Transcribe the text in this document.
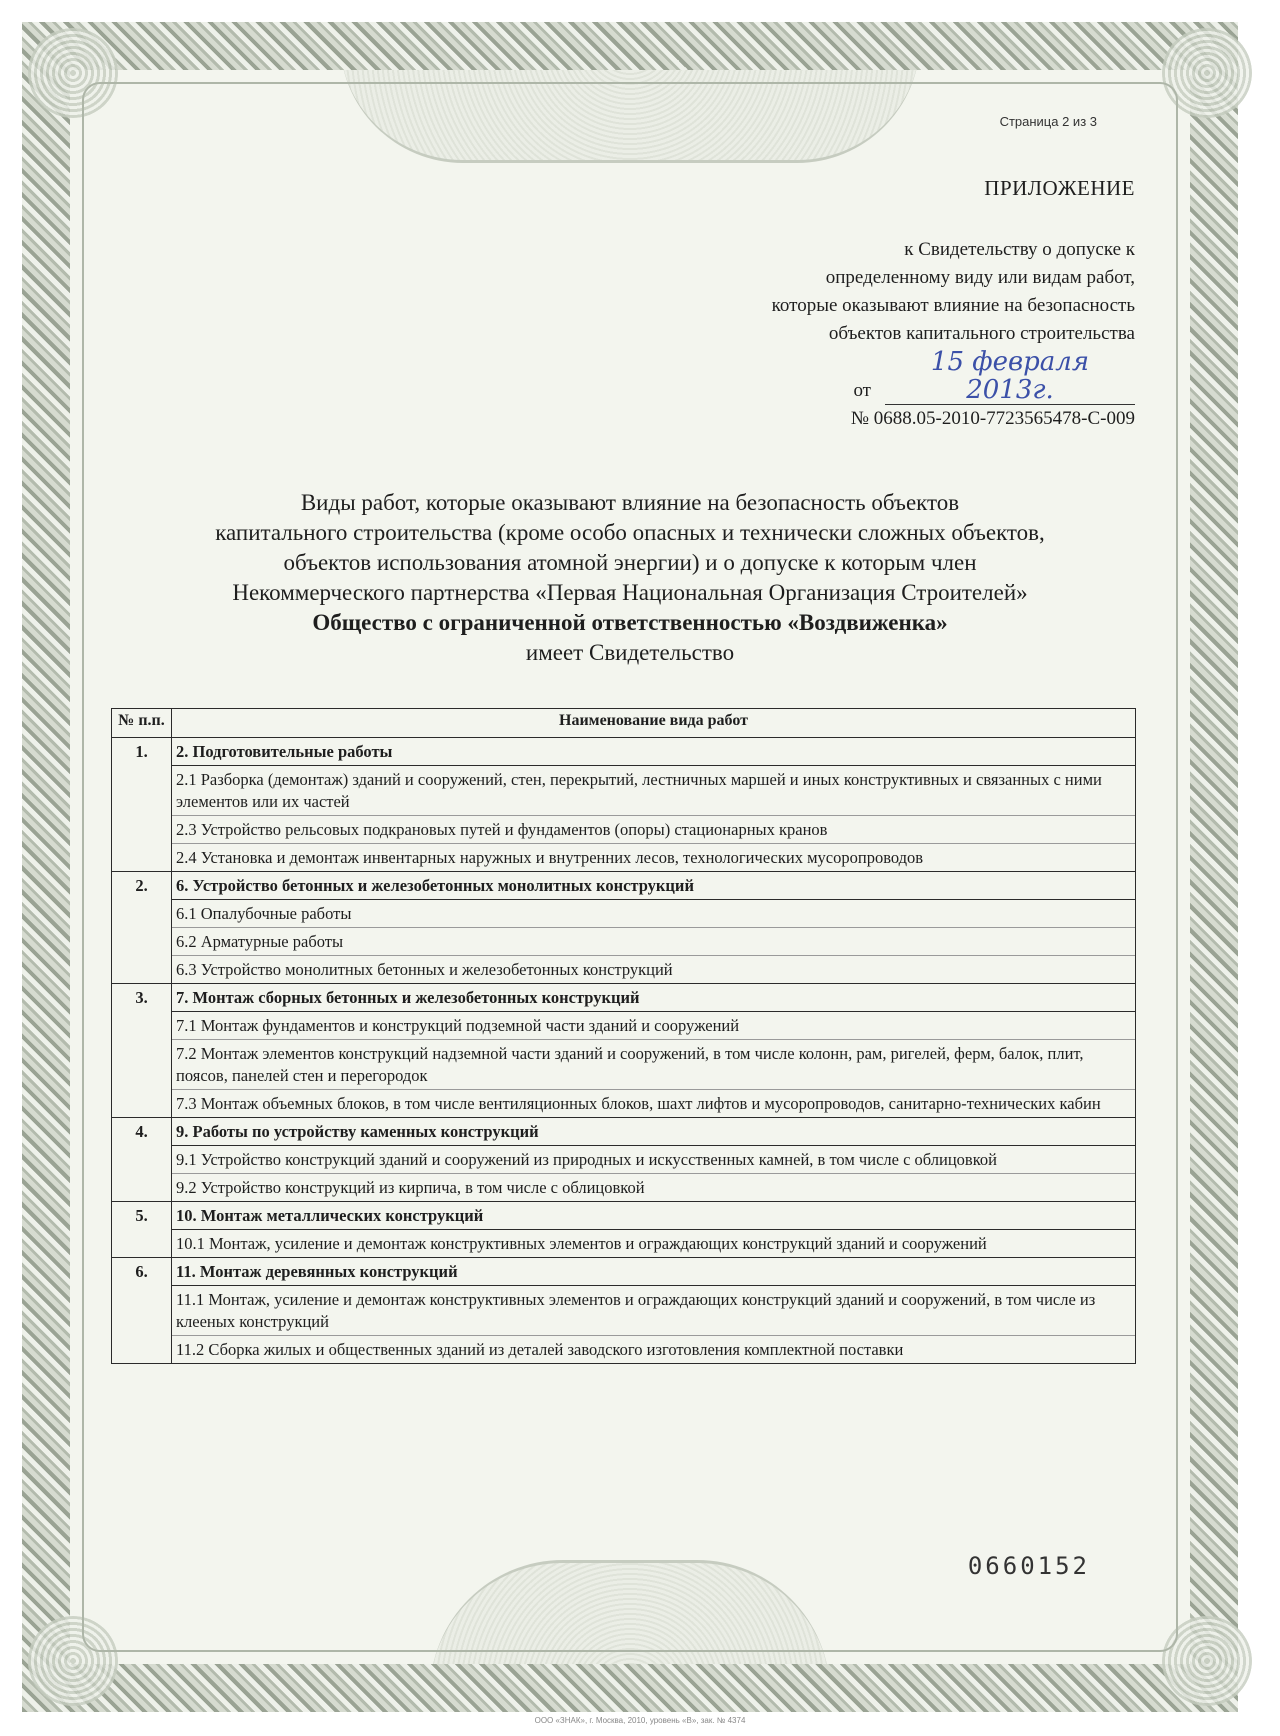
Страница 2 из 3
ПРИЛОЖЕНИЕ
к Свидетельству о допуске к
определенному виду или видам работ,
которые оказывают влияние на безопасность
объектов капитального строительства
от
15 февраля 2013г.
№ 0688.05-2010-7723565478-С-009
Виды работ, которые оказывают влияние на безопасность объектов
капитального строительства (кроме особо опасных и технически сложных объектов,
объектов использования атомной энергии) и о допуске к которым член
Некоммерческого партнерства «Первая Национальная Организация Строителей»
Общество с ограниченной ответственностью «Воздвиженка»
имеет Свидетельство
№ п.п.	Наименование вида работ
1.	2. Подготовительные работы
2.1 Разборка (демонтаж) зданий и сооружений, стен, перекрытий, лестничных маршей и иных конструктивных и связанных с ними элементов или их частей
2.3 Устройство рельсовых подкрановых путей и фундаментов (опоры) стационарных кранов
2.4 Установка и демонтаж инвентарных наружных и внутренних лесов, технологических мусоропроводов

2.	6. Устройство бетонных и железобетонных монолитных конструкций
6.1 Опалубочные работы
6.2 Арматурные работы
6.3 Устройство монолитных бетонных и железобетонных конструкций

3.	7. Монтаж сборных бетонных и железобетонных конструкций
7.1 Монтаж фундаментов и конструкций подземной части зданий и сооружений
7.2 Монтаж элементов конструкций надземной части зданий и сооружений, в том числе колонн, рам, ригелей, ферм, балок, плит, поясов, панелей стен и перегородок
7.3 Монтаж объемных блоков, в том числе вентиляционных блоков, шахт лифтов и мусоропроводов, санитарно-технических кабин

4.	9. Работы по устройству каменных конструкций
9.1 Устройство конструкций зданий и сооружений из природных и искусственных камней, в том числе с облицовкой
9.2 Устройство конструкций из кирпича, в том числе с облицовкой

5.	10. Монтаж металлических конструкций
10.1 Монтаж, усиление и демонтаж конструктивных элементов и ограждающих конструкций зданий и сооружений

6.	11. Монтаж деревянных конструкций
11.1 Монтаж, усиление и демонтаж конструктивных элементов и ограждающих конструкций зданий и сооружений, в том числе из клееных конструкций
11.2 Сборка жилых и общественных зданий из деталей заводского изготовления комплектной поставки
0660152
ООО «ЗНАК», г. Москва, 2010, уровень «В», зак. № 4374
